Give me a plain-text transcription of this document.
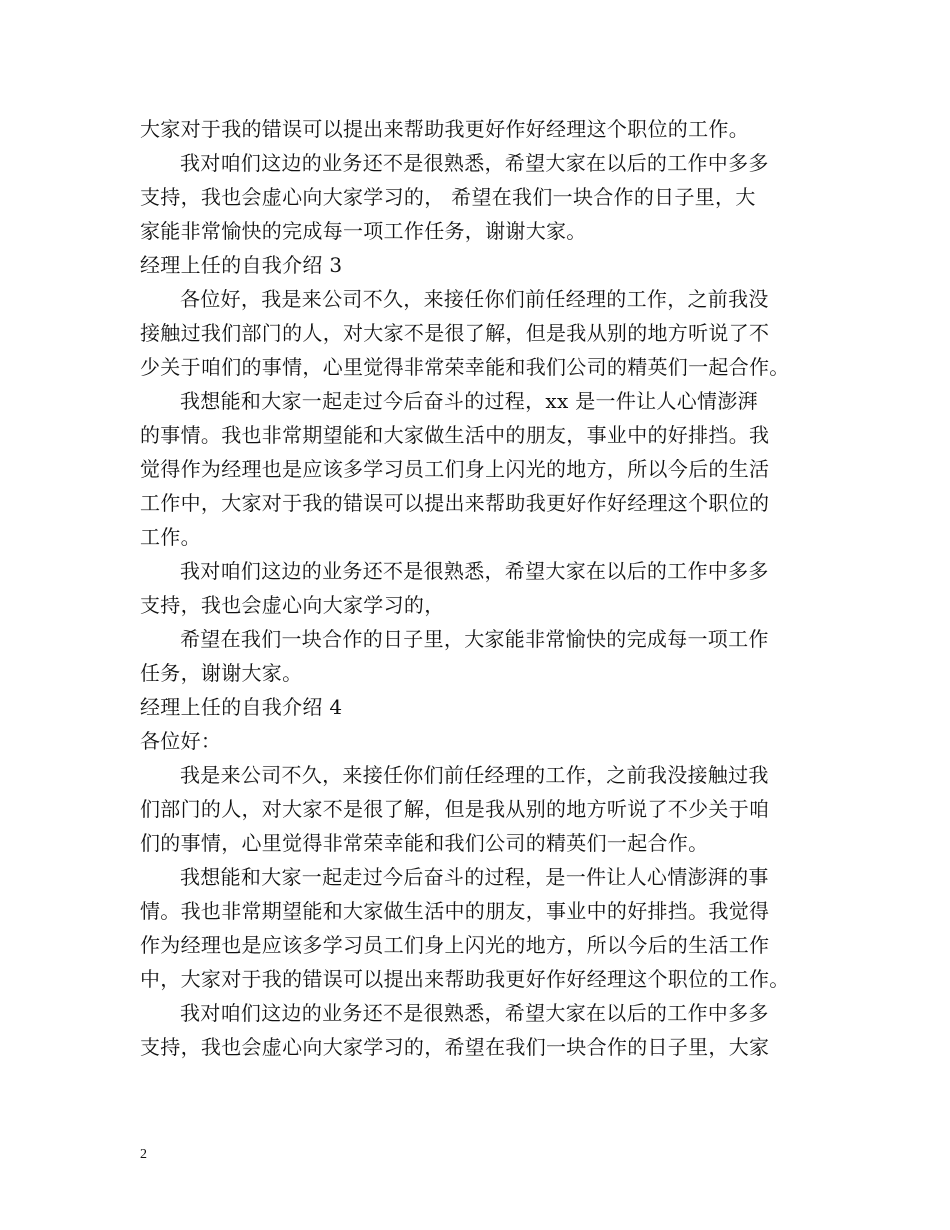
大家对于我的错误可以提出来帮助我更好作好经理这个职位的工作。
我对咱们这边的业务还不是很熟悉，希望大家在以后的工作中多多
支持，我也会虚心向大家学习的， 希望在我们一块合作的日子里，大
家能非常愉快的完成每一项工作任务，谢谢大家。
经理上任的自我介绍 3
各位好，我是来公司不久，来接任你们前任经理的工作，之前我没
接触过我们部门的人，对大家不是很了解，但是我从别的地方听说了不
少关于咱们的事情，心里觉得非常荣幸能和我们公司的精英们一起合作。
我想能和大家一起走过今后奋斗的过程，xx 是一件让人心情澎湃
的事情。我也非常期望能和大家做生活中的朋友，事业中的好排挡。我
觉得作为经理也是应该多学习员工们身上闪光的地方，所以今后的生活
工作中，大家对于我的错误可以提出来帮助我更好作好经理这个职位的
工作。
我对咱们这边的业务还不是很熟悉，希望大家在以后的工作中多多
支持，我也会虚心向大家学习的，
希望在我们一块合作的日子里，大家能非常愉快的完成每一项工作
任务，谢谢大家。
经理上任的自我介绍 4
各位好：
我是来公司不久，来接任你们前任经理的工作，之前我没接触过我
们部门的人，对大家不是很了解，但是我从别的地方听说了不少关于咱
们的事情，心里觉得非常荣幸能和我们公司的精英们一起合作。
我想能和大家一起走过今后奋斗的过程，是一件让人心情澎湃的事
情。我也非常期望能和大家做生活中的朋友，事业中的好排挡。我觉得
作为经理也是应该多学习员工们身上闪光的地方，所以今后的生活工作
中，大家对于我的错误可以提出来帮助我更好作好经理这个职位的工作。
我对咱们这边的业务还不是很熟悉，希望大家在以后的工作中多多
支持，我也会虚心向大家学习的，希望在我们一块合作的日子里，大家
2
